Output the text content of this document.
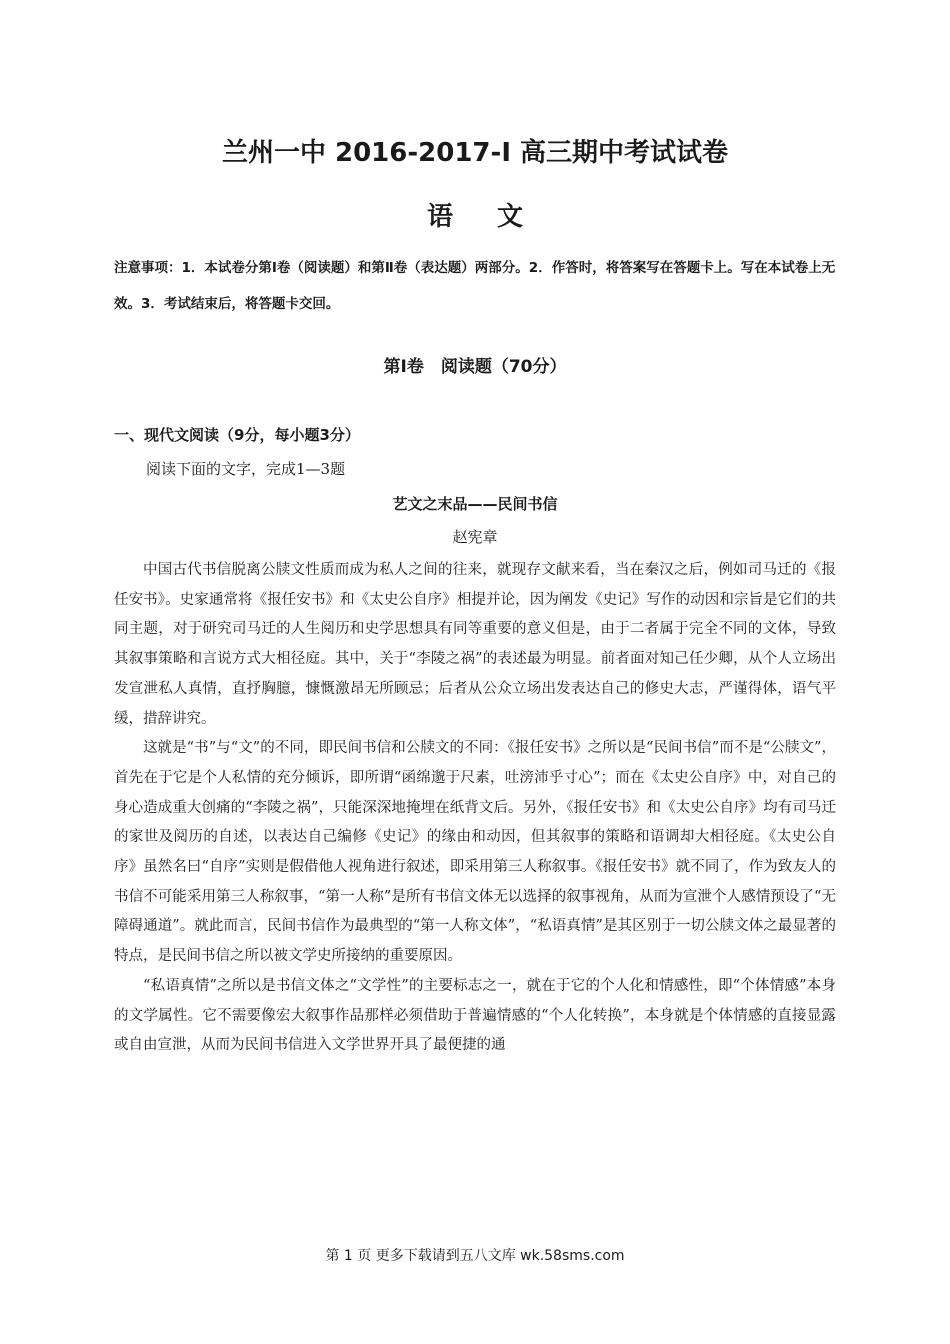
兰州一中 2016-2017-Ⅰ 高三期中考试试卷
语 文
注意事项：1．本试卷分第Ⅰ卷（阅读题）和第Ⅱ卷（表达题）两部分。2．作答时，将答案写在答题卡上。写在本试卷上无效。3．考试结束后，将答题卡交回。
第Ⅰ卷　阅读题（70分）
一、现代文阅读（9分，每小题3分）
阅读下面的文字，完成1—3题
艺文之末品——民间书信
赵宪章

中国古代书信脱离公牍文性质而成为私人之间的往来，就现存文献来看，当在秦汉之后，例如司马迁的《报任安书》。史家通常将《报任安书》和《太史公自序》相提并论，因为阐发《史记》写作的动因和宗旨是它们的共同主题，对于研究司马迁的人生阅历和史学思想具有同等重要的意义但是，由于二者属于完全不同的文体，导致其叙事策略和言说方式大相径庭。其中，关于“李陵之祸”的表述最为明显。前者面对知己任少卿，从个人立场出发宣泄私人真情，直抒胸臆，慷慨激昂无所顾忌；后者从公众立场出发表达自己的修史大志，严谨得体，语气平缓，措辞讲究。

这就是“书”与“文”的不同，即民间书信和公牍文的不同：《报任安书》之所以是“民间书信”而不是“公牍文”，首先在于它是个人私情的充分倾诉，即所谓“函绵邈于尺素，吐滂沛乎寸心”；而在《太史公自序》中，对自己的身心造成重大创痛的“李陵之祸”，只能深深地掩埋在纸背文后。另外，《报任安书》和《太史公自序》均有司马迁的家世及阅历的自述，以表达自己编修《史记》的缘由和动因，但其叙事的策略和语调却大相径庭。《太史公自序》虽然名曰“自序”实则是假借他人视角进行叙述，即采用第三人称叙事。《报任安书》就不同了，作为致友人的书信不可能采用第三人称叙事，“第一人称”是所有书信文体无以选择的叙事视角，从而为宣泄个人感情预设了“无障碍通道”。就此而言，民间书信作为最典型的“第一人称文体”，“私语真情”是其区别于一切公牍文体之最显著的特点，是民间书信之所以被文学史所接纳的重要原因。

“私语真情”之所以是书信文体之“文学性”的主要标志之一，就在于它的个人化和情感性，即“个体情感”本身的文学属性。它不需要像宏大叙事作品那样必须借助于普遍情感的“个人化转换”，本身就是个体情感的直接显露或自由宣泄，从而为民间书信进入文学世界开具了最便捷的通

第 1 页 更多下载请到五八文库 wk.58sms.com
